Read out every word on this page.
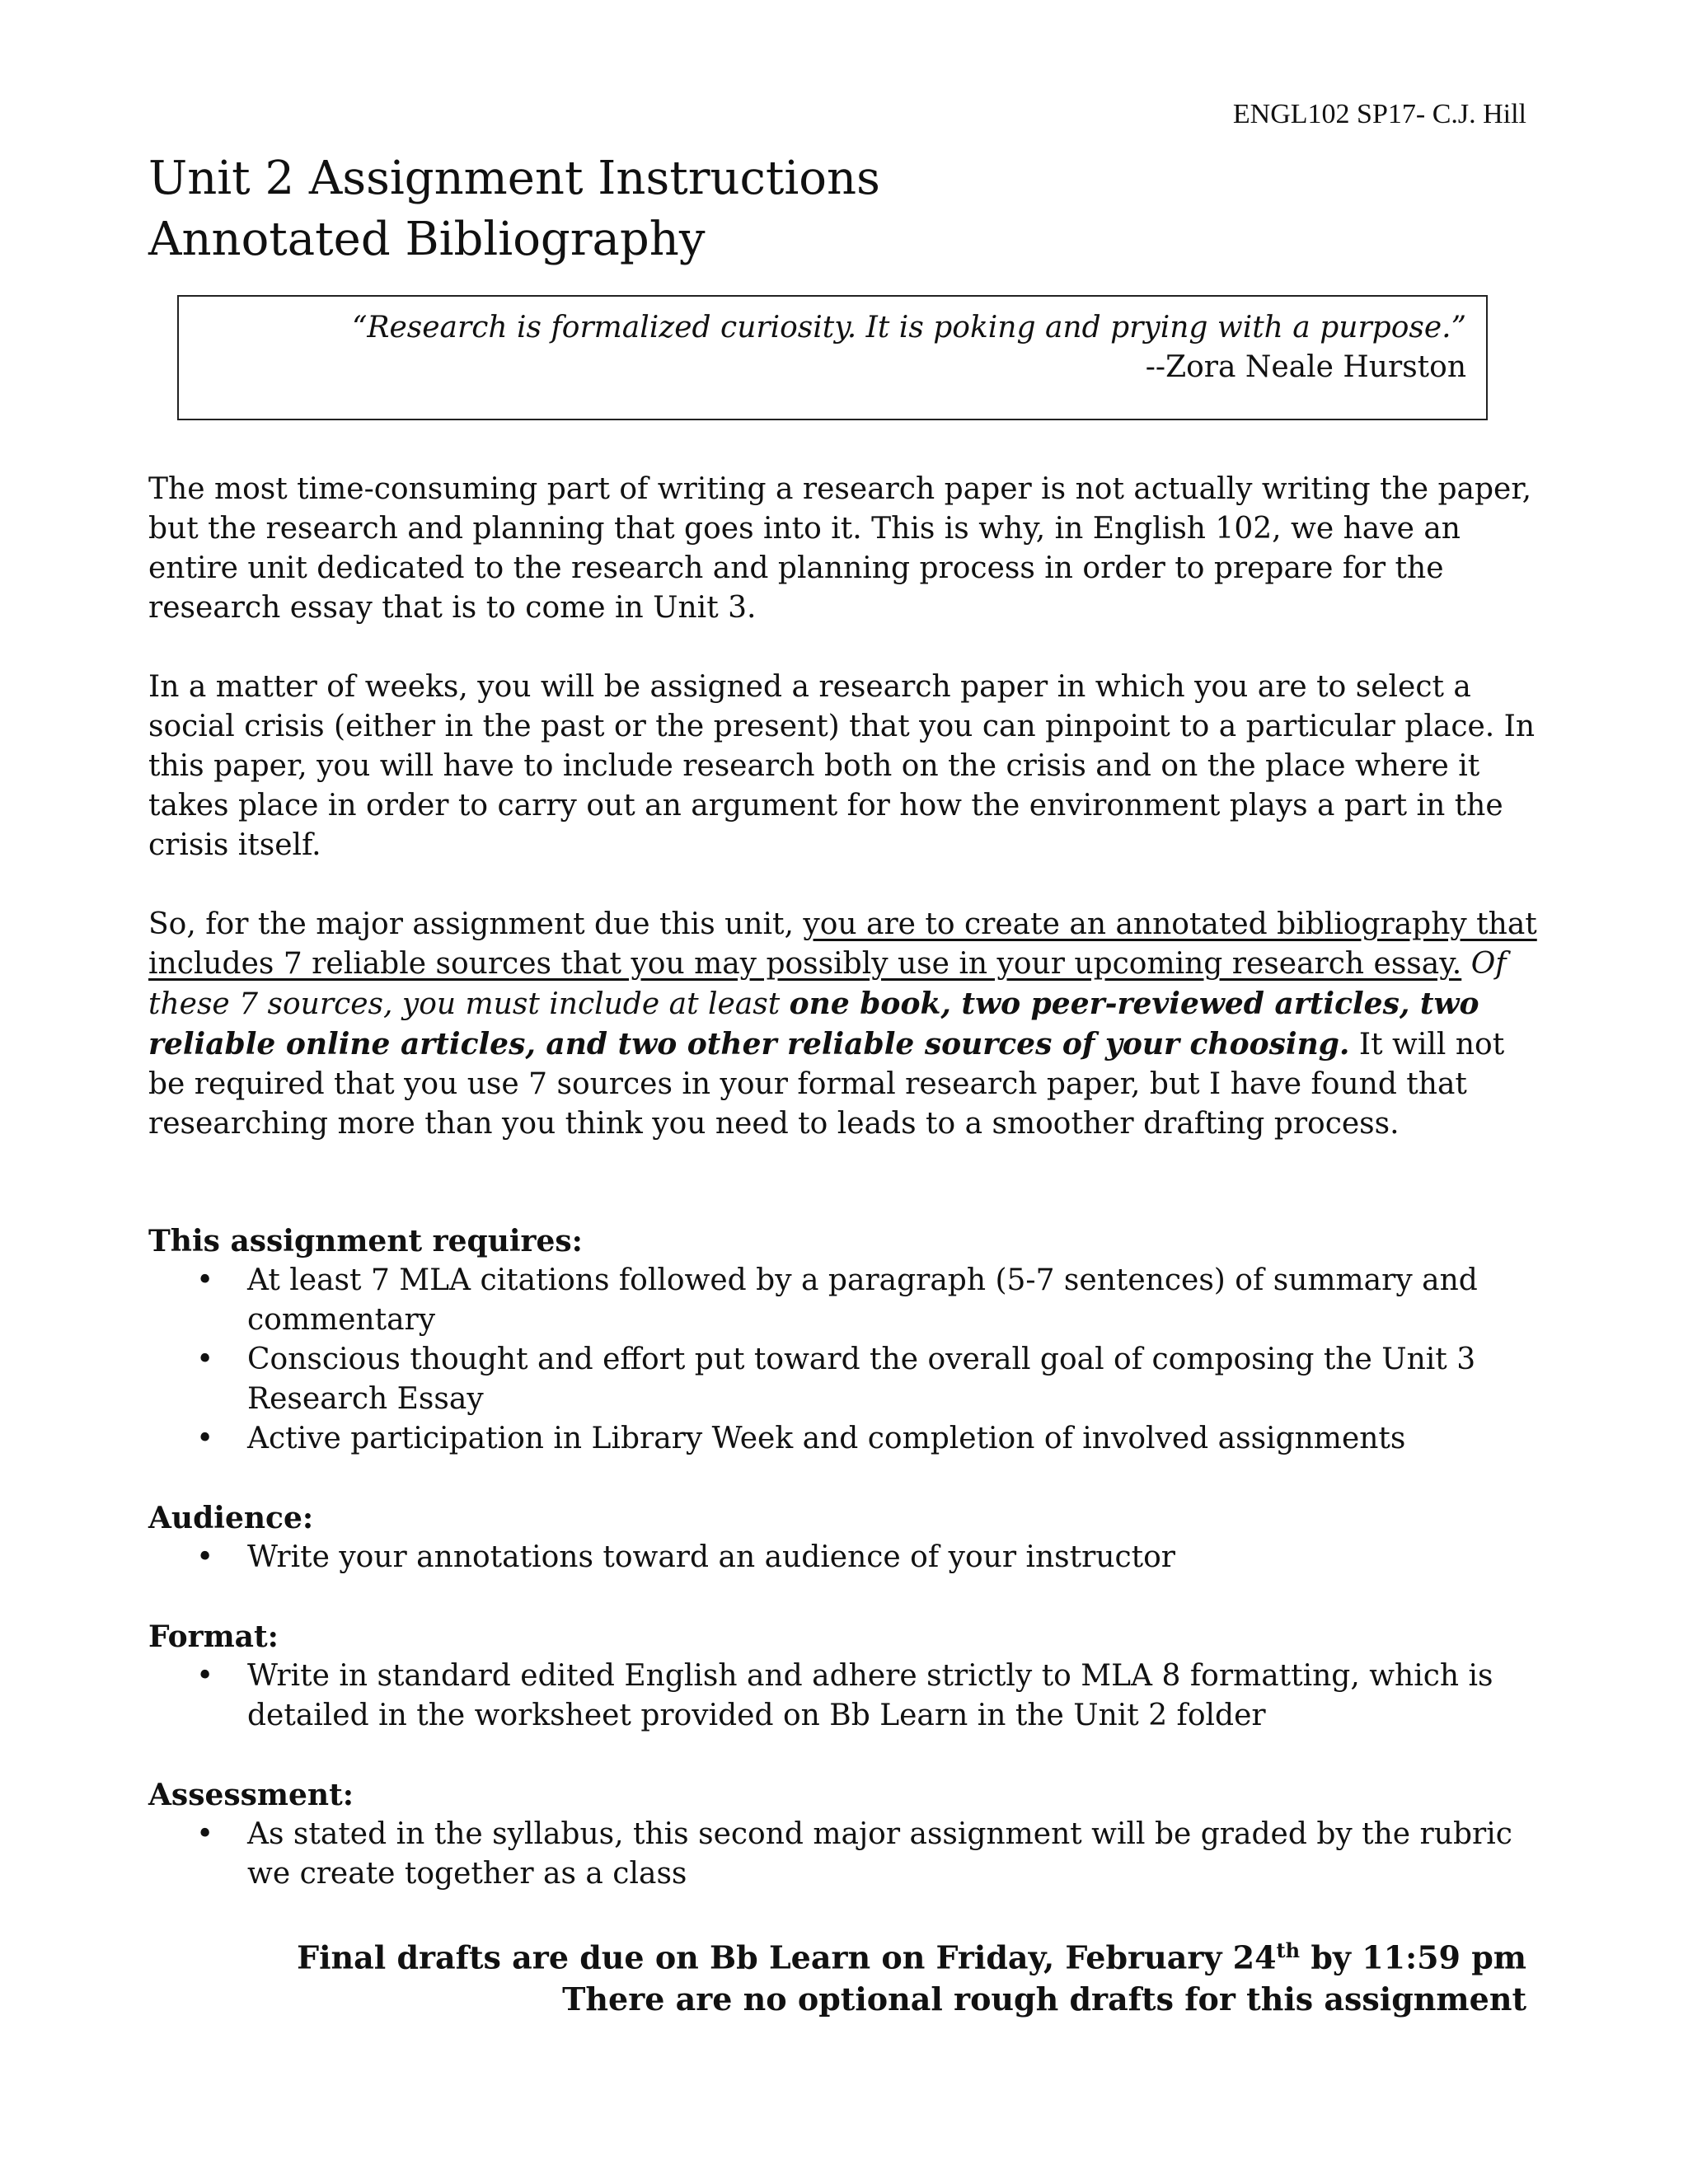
ENGL102 SP17- C.J. Hill
Unit 2 Assignment Instructions
Annotated Bibliography
“Research is formalized curiosity. It is poking and prying with a purpose.”
--Zora Neale Hurston

The most time-consuming part of writing a research paper is not actually writing the paper, but the research and planning that goes into it. This is why, in English 102, we have an entire unit dedicated to the research and planning process in order to prepare for the research essay that is to come in Unit 3.

In a matter of weeks, you will be assigned a research paper in which you are to select a social crisis (either in the past or the present) that you can pinpoint to a particular place. In this paper, you will have to include research both on the crisis and on the place where it takes place in order to carry out an argument for how the environment plays a part in the crisis itself.

So, for the major assignment due this unit, you are to create an annotated bibliography that includes 7 reliable sources that you may possibly use in your upcoming research essay. Of these 7 sources, you must include at least one book, two peer-reviewed articles, two reliable online articles, and two other reliable sources of your choosing. It will not be required that you use 7 sources in your formal research paper, but I have found that researching more than you think you need to leads to a smoother drafting process.

This assignment requires:
• At least 7 MLA citations followed by a paragraph (5-7 sentences) of summary and commentary
• Conscious thought and effort put toward the overall goal of composing the Unit 3 Research Essay
• Active participation in Library Week and completion of involved assignments
Audience:
• Write your annotations toward an audience of your instructor
Format:
• Write in standard edited English and adhere strictly to MLA 8 formatting, which is detailed in the worksheet provided on Bb Learn in the Unit 2 folder
Assessment:
• As stated in the syllabus, this second major assignment will be graded by the rubric we create together as a class
Final drafts are due on Bb Learn on Friday, February 24th by 11:59 pm
There are no optional rough drafts for this assignment
